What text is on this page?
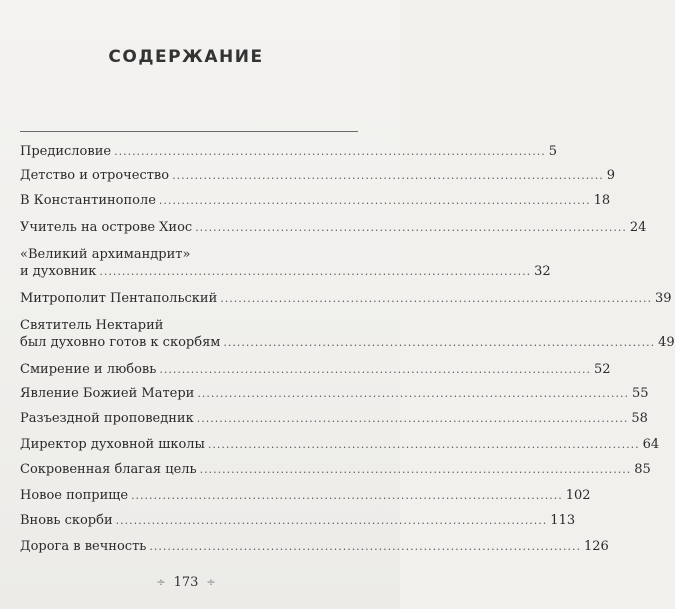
СОДЕРЖАНИЕ
Предисловие ................................................................................................ 5
Детство и отрочество ................................................................................................ 9
В Константинополе ................................................................................................ 18
Учитель на острове Хиос ................................................................................................ 24
«Великий архимандрит»
и духовник ................................................................................................ 32
Митрополит Пентапольский ................................................................................................ 39
Святитель Нектарий
был духовно готов к скорбям ................................................................................................ 49
Смирение и любовь ................................................................................................ 52
Явление Божией Матери ................................................................................................ 55
Разъездной проповедник ................................................................................................ 58
Директор духовной школы ................................................................................................ 64
Сокровенная благая цель ................................................................................................ 85
Новое поприще ................................................................................................ 102
Вновь скорби ................................................................................................ 113
Дорога в вечность ................................................................................................ 126
÷ 173 ÷
